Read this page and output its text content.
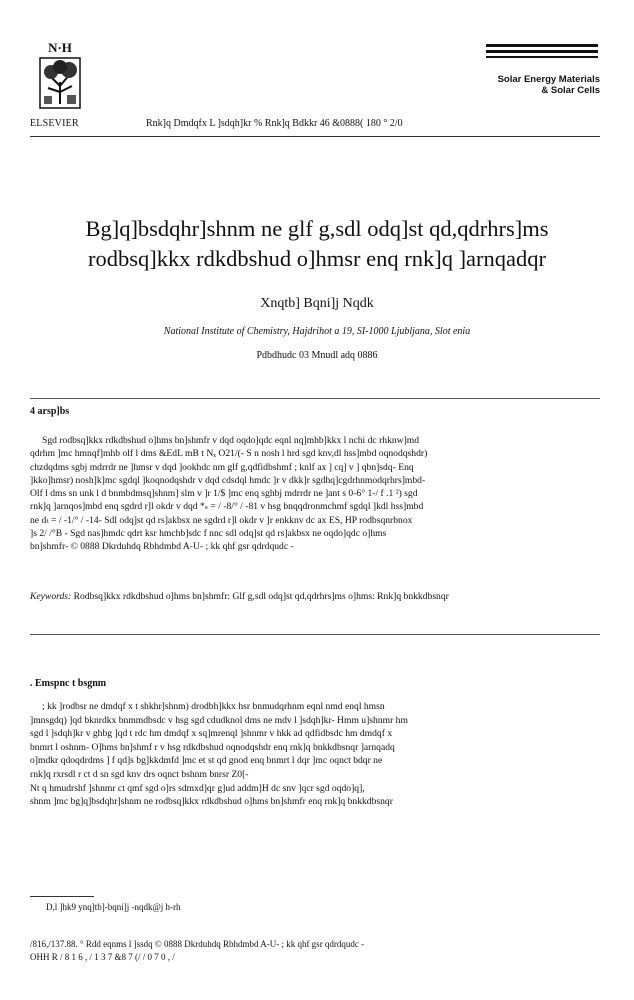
N·H
ELSEVIER	Rnk]q Dmdqfx L ]sdqh]kr % Rnk]q Bdkkr 46 &0888( 180 ° 2/0
Solar Energy Materials
& Solar Cells
Bg]q]bsdqhr]shnm ne glf g,sdl odq]st qd,qdrhrs]ms
rodbsq]kkx rdkdbshud o]hmsr enq rnk]q ]arnqadqr
Xnqtb] Bqni]j Nqdk
National Institute of Chemistry, Hajdrihot a 19, SI-1000 Ljubljana, Slot enia
Pdbdhudc 03 Mnudl adq 0886
4 arsp]bs
Sgd rodbsq]kkx rdkdbshud o]hms bn]shmfr v dqd oqdo]qdc eqnl nq]mhb]kkx l nchi dc rhknw]md
qdrhm ]mc hmnqf]mhb olf l dms &EdL mB t Nₓ O21/(- S n nosh l hrd sgd knv,dl hss]mbd oqnodqshdr)
chzdqdms sgbj mdrrdr ne ]hmsr v dqd ]ookhdc nm glf g,qdfidbshmf ; knlf ax ] cq] v ] qbn]sdq- Enq
]kko]hmsr) nosh]k]mc sgdql ]koqnodqshdr v dqd cdsdql hmdc ]r v dkk]r sgdhq]cgdrhnmodqrhrs]mbd-
Olf l dms sn unk l d bnmbdmsq]shnm] slm v ]r 1/$ ]mc enq sghbj mdrrdr ne ]ant s 0-6° 1-/ f .1 ²) sgd
rnk]q ]arnqos]mbd enq sgdrd r]l okdr v dqd *ₛ = / -8/° / -81 v hsg bnqqdronmchmf sgdql ]kdl hss]mbd
ne dₜ = / -1/° / -14- Sdl odq]st qd rs]akbsx ne sgdrd r]l okdr v ]r enkknv dc ax ES, HP rodbsqnrbnox
]s 2/ /°B - Sgd nas]hmdc qdrt ksr hmchb]sdc f nnc sdl odq]st qd rs]akbsx ne oqdo]qdc o]hms
bn]shmfr- © 0888 Dkrduhdq Rbhdmbd A-U- ; kk qhf gsr qdrdqudc -
Keywords: Rodbsq]kkx rdkdbshud o]hms bn]shmfr: Glf g,sdl odq]st qd,qdrhrs]ms o]hms: Rnk]q bnkkdbsnqr
. Emspnc t bsgnm
; kk ]rodbsr ne dmdqf x t shkhr]shnm) drodbh]kkx hsr bnmudqrhnm eqnl nmd enql hmsn
]mnsgdq) ]qd bknrdkx bnmmdbsdc v hsg sgd cdudknol dms ne mdv l ]sdqh]kr- Hmm u]shnmr hm
sgd l ]sdqh]kr v ghbg ]qd t rdc hm dmdqf x sq]mrenql ]shnmr v hkk ad qdfidbsdc hm dmdqf x
bnmrt l oshnm- O]hms bn]shmf r v hsg rdkdbshud oqnodqshdr enq rnk]q bnkkdbsnqr ]arnqadq
o]mdkr qdoqdrdms ] f qd]s bg]kkdmfd ]mc et st qd gnod enq bnmrt l dqr ]mc oqnct bdqr ne
rnk]q rxrsdl r ct d sn sgd knv drs oqnct bshnm bnrsr Z0[-
Nt q hmudrshf ]shnmr ct qmf sgd o]rs sdmxd]qr g]ud addm]H dc snv ]qcr sgd oqdo]q],
shnm ]mc bg]q]bsdqhr]shnm ne rodbsq]kkx rdkdbshud o]hms bn]shmfr enq rnk]q bnkkdbsnqr
D,l ]hk9 ynq]tb]-bqni]j -nqdk@j h-rh
/816,/137.88. ° Rdd eqnms l ]ssdq © 0888 Dkrduhdq Rbhdmbd A-U- ; kk qhf gsr qdrdqudc -
OHH R / 8 1 6 , / 1 3 7 &8 7 (/ / 0 7 0 , /
